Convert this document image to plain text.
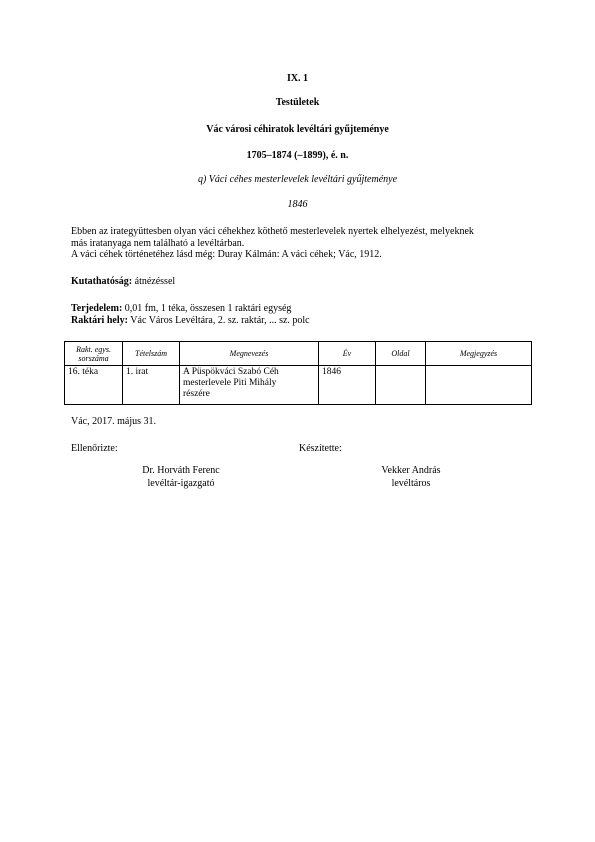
IX. 1
Testületek
Vác városi céhiratok levéltári gyűjteménye
1705–1874 (–1899), é. n.
q) Váci céhes mesterlevelek levéltári gyűjteménye
1846
Ebben az irategyüttesben olyan váci céhekhez köthető mesterlevelek nyertek elhelyezést, melyeknek
más iratanyaga nem található a levéltárban.
A váci céhek történetéhez lásd még: Duray Kálmán: A váci céhek; Vác, 1912.
Kutathatóság: átnézéssel
Terjedelem: 0,01 fm, 1 téka, összesen 1 raktári egység
Raktári hely: Vác Város Levéltára, 2. sz. raktár, ... sz. polc
Rakt. egys.
sorszáma	Tételszám	Megnevezés	Év	Oldal	Megjegyzés
16. téka	1. irat	A Püspökváci Szabó Céh
mesterlevele Piti Mihály
részére	1846		
Vác, 2017. május 31.
Ellenőrizte:	Készítette:
Dr. Horváth Ferenc
levéltár-igazgató
Vekker András
levéltáros
